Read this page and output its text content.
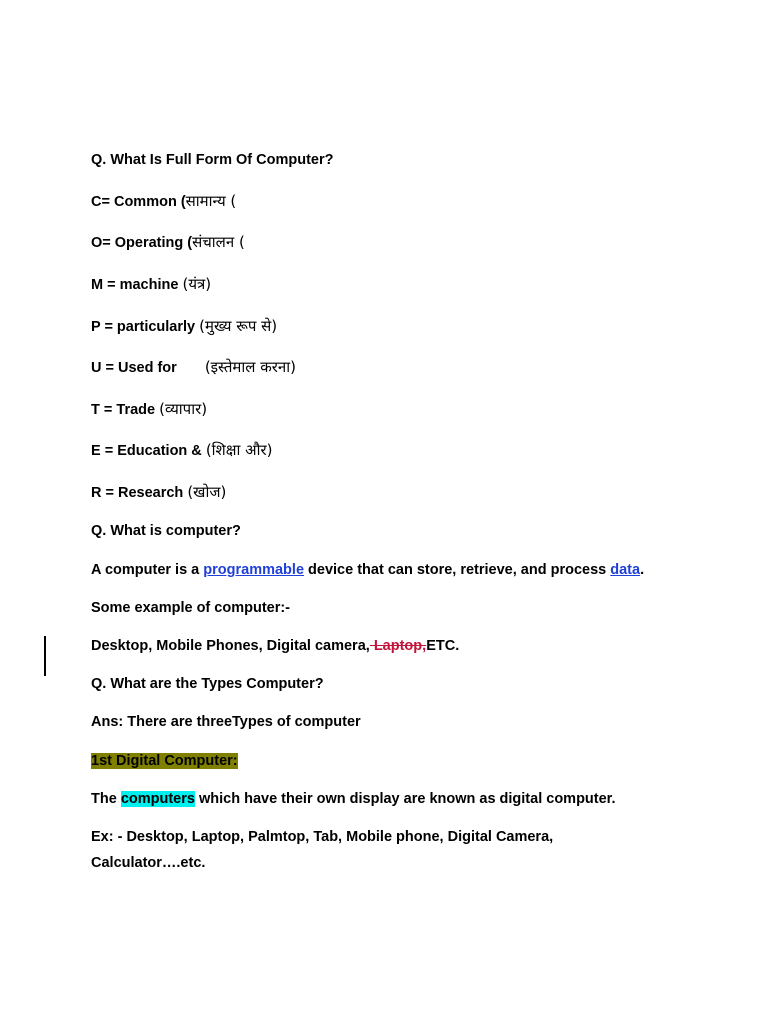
Q. What Is Full Form Of Computer?
C= Common (सामान्य (
O= Operating (संचालन (
M = machine (यंत्र)
P = particularly (मुख्य रूप से)
U = Used for (इस्तेमाल करना)
T = Trade (व्यापार)
E = Education & (शिक्षा और)
R = Research (खोज)
Q. What is computer?
A computer is a programmable device that can store, retrieve, and process data.
Some example of computer:-
Desktop, Mobile Phones, Digital camera, Laptop,ETC.
Q. What are the Types Computer?
Ans: There are threeTypes of computer
1st Digital Computer:
The computers which have their own display are known as digital computer.
Ex: - Desktop, Laptop, Palmtop, Tab, Mobile phone, Digital Camera,
Calculator….etc.
